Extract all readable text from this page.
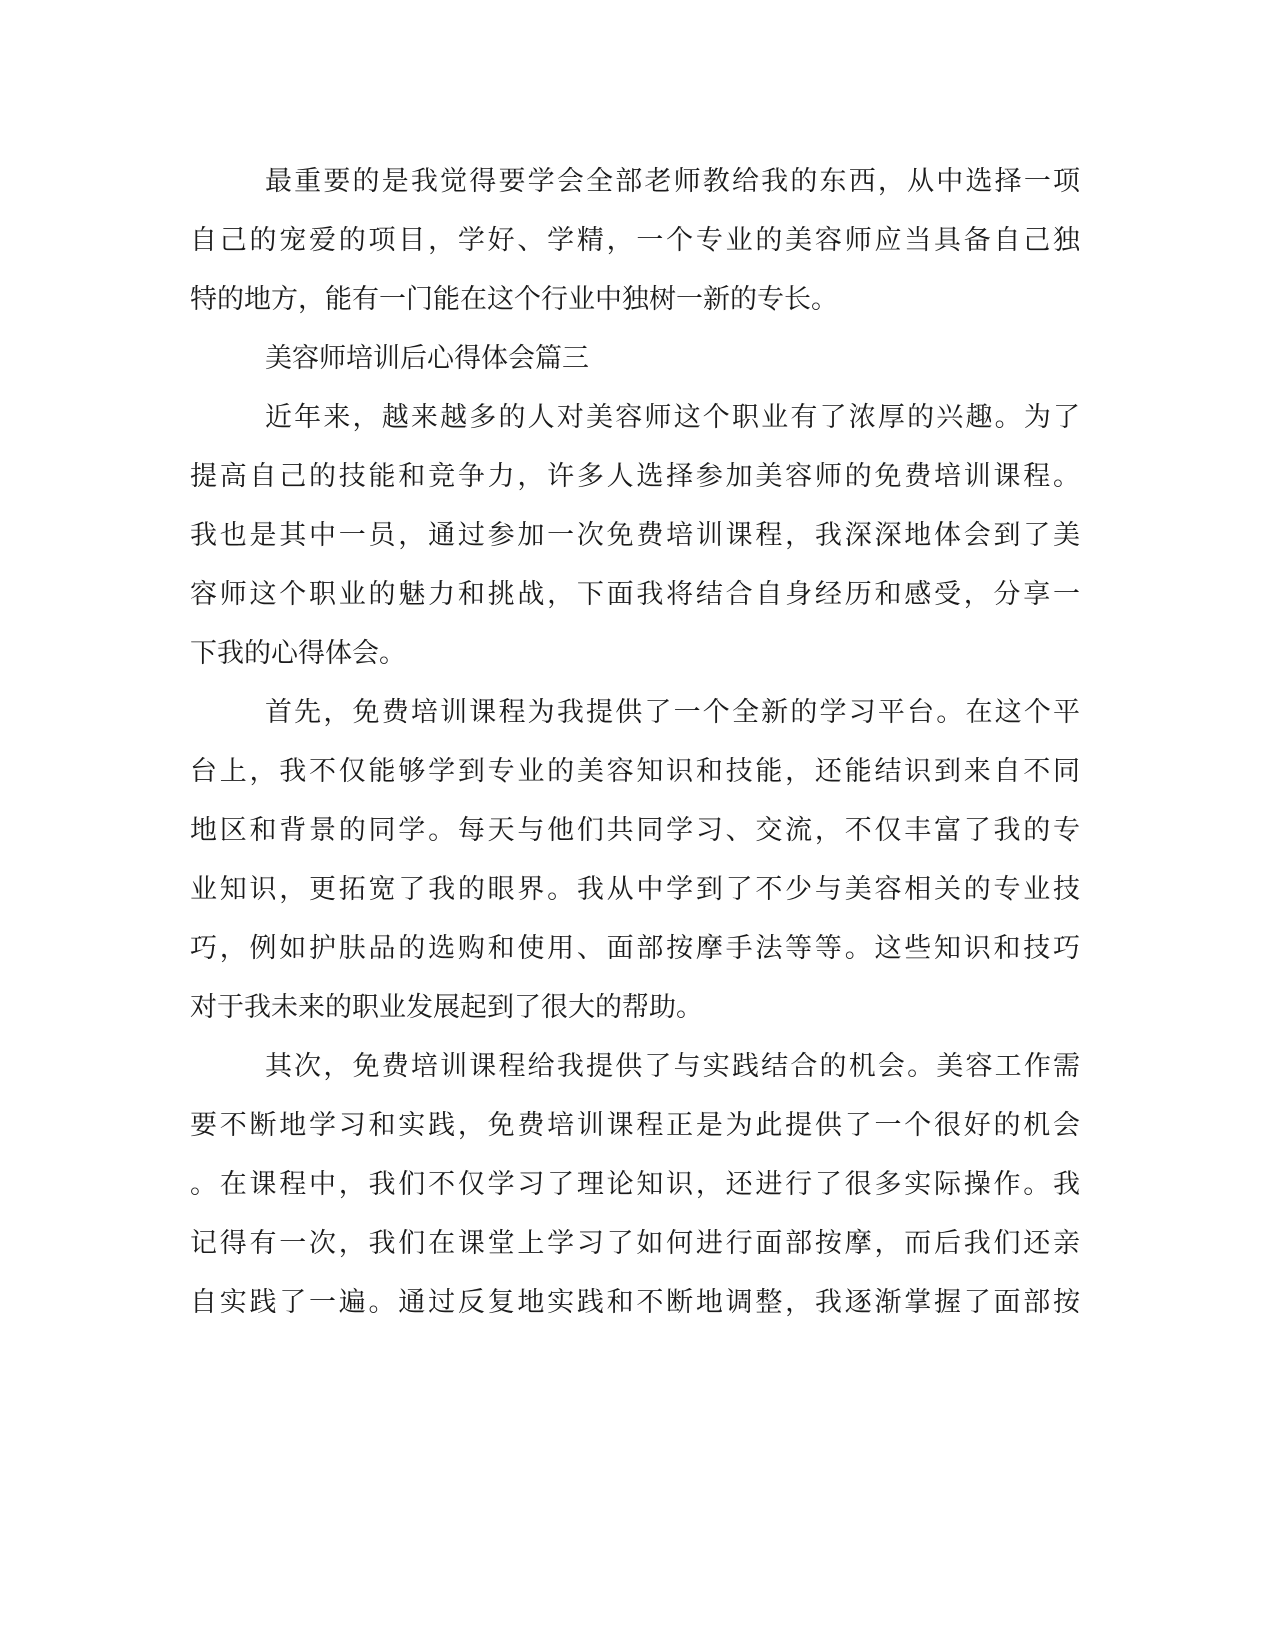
最重要的是我觉得要学会全部老师教给我的东西，从中选择一项
自己的宠爱的项目，学好、学精，一个专业的美容师应当具备自己独
特的地方，能有一门能在这个行业中独树一新的专长。
美容师培训后心得体会篇三
近年来，越来越多的人对美容师这个职业有了浓厚的兴趣。为了
提高自己的技能和竞争力，许多人选择参加美容师的免费培训课程。
我也是其中一员，通过参加一次免费培训课程，我深深地体会到了美
容师这个职业的魅力和挑战，下面我将结合自身经历和感受，分享一
下我的心得体会。
首先，免费培训课程为我提供了一个全新的学习平台。在这个平
台上，我不仅能够学到专业的美容知识和技能，还能结识到来自不同
地区和背景的同学。每天与他们共同学习、交流，不仅丰富了我的专
业知识，更拓宽了我的眼界。我从中学到了不少与美容相关的专业技
巧，例如护肤品的选购和使用、面部按摩手法等等。这些知识和技巧
对于我未来的职业发展起到了很大的帮助。
其次，免费培训课程给我提供了与实践结合的机会。美容工作需
要不断地学习和实践，免费培训课程正是为此提供了一个很好的机会
。在课程中，我们不仅学习了理论知识，还进行了很多实际操作。我
记得有一次，我们在课堂上学习了如何进行面部按摩，而后我们还亲
自实践了一遍。通过反复地实践和不断地调整，我逐渐掌握了面部按
